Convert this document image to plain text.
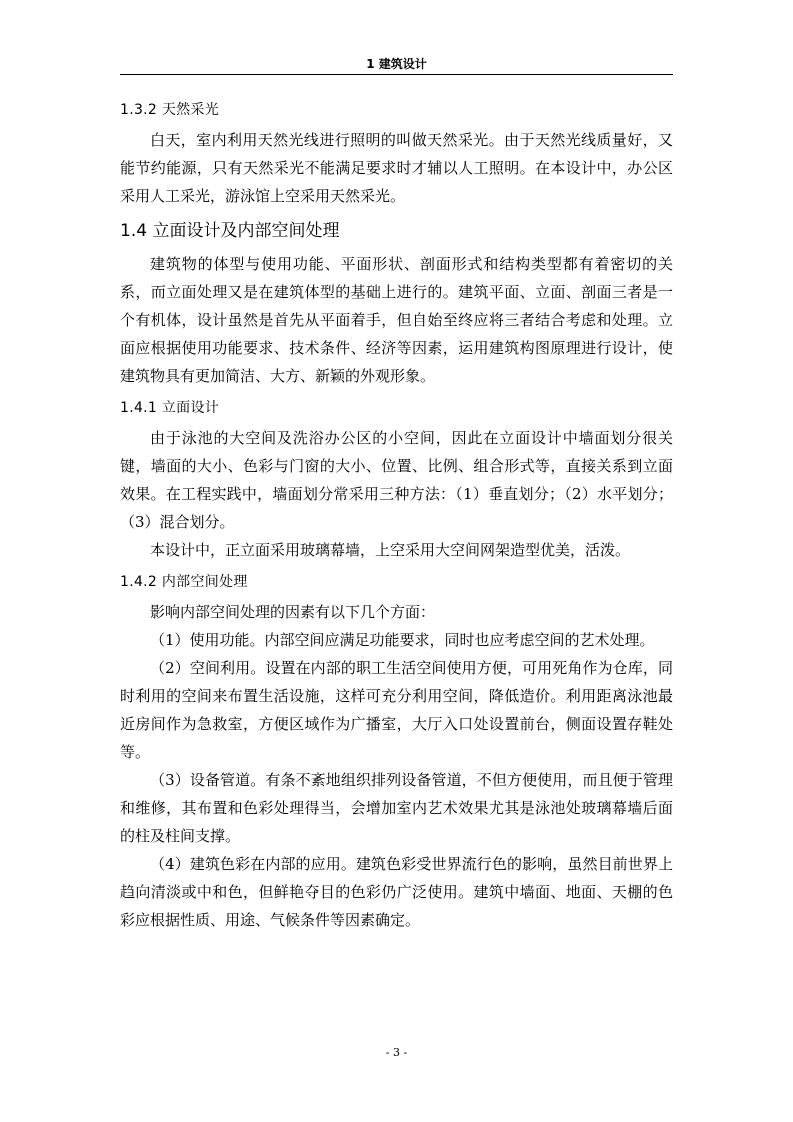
1 建筑设计
1.3.2 天然采光

白天，室内利用天然光线进行照明的叫做天然采光。由于天然光线质量好，又能节约能源，只有天然采光不能满足要求时才辅以人工照明。在本设计中，办公区采用人工采光，游泳馆上空采用天然采光。

1.4 立面设计及内部空间处理

建筑物的体型与使用功能、平面形状、剖面形式和结构类型都有着密切的关系，而立面处理又是在建筑体型的基础上进行的。建筑平面、立面、剖面三者是一个有机体，设计虽然是首先从平面着手，但自始至终应将三者结合考虑和处理。立面应根据使用功能要求、技术条件、经济等因素，运用建筑构图原理进行设计，使建筑物具有更加简洁、大方、新颖的外观形象。

1.4.1 立面设计

由于泳池的大空间及洗浴办公区的小空间，因此在立面设计中墙面划分很关键，墙面的大小、色彩与门窗的大小、位置、比例、组合形式等，直接关系到立面效果。在工程实践中，墙面划分常采用三种方法：（1）垂直划分；（2）水平划分；（3）混合划分。

本设计中，正立面采用玻璃幕墙，上空采用大空间网架造型优美，活泼。

1.4.2 内部空间处理

影响内部空间处理的因素有以下几个方面：

（1）使用功能。内部空间应满足功能要求，同时也应考虑空间的艺术处理。

（2）空间利用。设置在内部的职工生活空间使用方便，可用死角作为仓库，同时利用的空间来布置生活设施，这样可充分利用空间，降低造价。利用距离泳池最近房间作为急救室，方便区域作为广播室，大厅入口处设置前台，侧面设置存鞋处等。

（3）设备管道。有条不紊地组织排列设备管道，不但方便使用，而且便于管理和维修，其布置和色彩处理得当，会增加室内艺术效果尤其是泳池处玻璃幕墙后面的柱及柱间支撑。

（4）建筑色彩在内部的应用。建筑色彩受世界流行色的影响，虽然目前世界上趋向清淡或中和色，但鲜艳夺目的色彩仍广泛使用。建筑中墙面、地面、天棚的色彩应根据性质、用途、气候条件等因素确定。

- 3 -
